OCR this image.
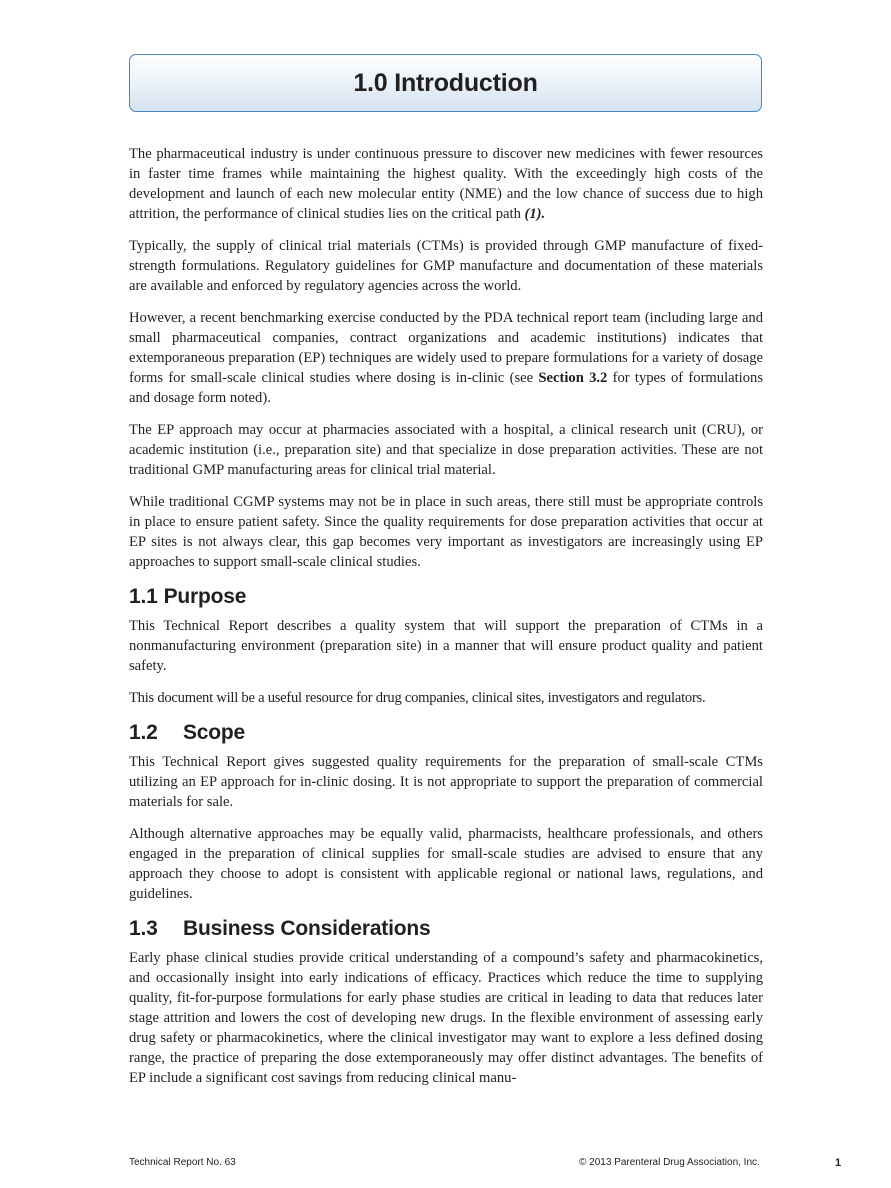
1.0 Introduction

The pharmaceutical industry is under continuous pressure to discover new medicines with fewer resources in faster time frames while maintaining the highest quality. With the exceedingly high costs of the development and launch of each new molecular entity (NME) and the low chance of success due to high attrition, the performance of clinical studies lies on the critical path (1).

Typically, the supply of clinical trial materials (CTMs) is provided through GMP manufacture of fixed-strength formulations. Regulatory guidelines for GMP manufacture and documentation of these materials are available and enforced by regulatory agencies across the world.

However, a recent benchmarking exercise conducted by the PDA technical report team (including large and small pharmaceutical companies, contract organizations and academic institutions) indicates that extemporaneous preparation (EP) techniques are widely used to prepare formulations for a variety of dosage forms for small-scale clinical studies where dosing is in-clinic (see Section 3.2 for types of formulations and dosage form noted).

The EP approach may occur at pharmacies associated with a hospital, a clinical research unit (CRU), or academic institution (i.e., preparation site) and that specialize in dose preparation activities. These are not traditional GMP manufacturing areas for clinical trial material.

While traditional CGMP systems may not be in place in such areas, there still must be appropriate controls in place to ensure patient safety. Since the quality requirements for dose preparation activities that occur at EP sites is not always clear, this gap becomes very important as investigators are increasingly using EP approaches to support small-scale clinical studies.

1.1 Purpose

This Technical Report describes a quality system that will support the preparation of CTMs in a nonmanufacturing environment (preparation site) in a manner that will ensure product quality and patient safety.

This document will be a useful resource for drug companies, clinical sites, investigators and regulators.

1.2 Scope

This Technical Report gives suggested quality requirements for the preparation of small-scale CTMs utilizing an EP approach for in-clinic dosing. It is not appropriate to support the preparation of commercial materials for sale.

Although alternative approaches may be equally valid, pharmacists, healthcare professionals, and others engaged in the preparation of clinical supplies for small-scale studies are advised to ensure that any approach they choose to adopt is consistent with applicable regional or national laws, regulations, and guidelines.

1.3 Business Considerations

Early phase clinical studies provide critical understanding of a compound’s safety and pharmacokinetics, and occasionally insight into early indications of efficacy. Practices which reduce the time to supplying quality, fit-for-purpose formulations for early phase studies are critical in leading to data that reduces later stage attrition and lowers the cost of developing new drugs. In the flexible environment of assessing early drug safety or pharmacokinetics, where the clinical investigator may want to explore a less defined dosing range, the practice of preparing the dose extemporaneously may offer distinct advantages. The benefits of EP include a significant cost savings from reducing clinical manu-

Technical Report No. 63	© 2013 Parenteral Drug Association, Inc.	1
